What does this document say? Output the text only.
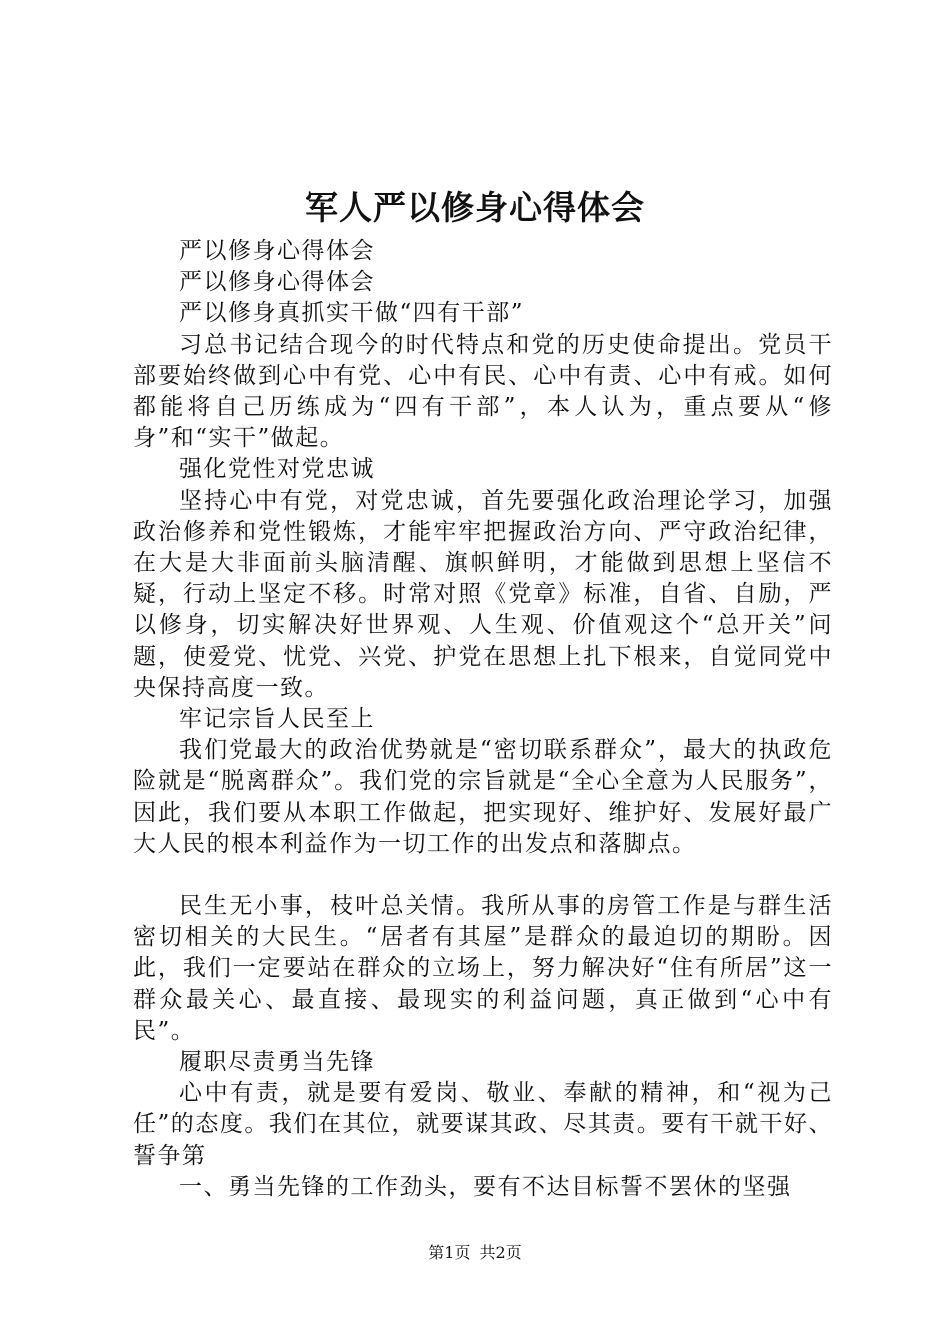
军人严以修身心得体会

严以修身心得体会

严以修身心得体会

严以修身真抓实干做“四有干部”

习总书记结合现今的时代特点和党的历史使命提出。党员干部要始终做到心中有党、心中有民、心中有责、心中有戒。如何都能将自己历练成为“四有干部”，本人认为，重点要从“修身”和“实干”做起。

强化党性对党忠诚

坚持心中有党，对党忠诚，首先要强化政治理论学习，加强政治修养和党性锻炼，才能牢牢把握政治方向、严守政治纪律，在大是大非面前头脑清醒、旗帜鲜明，才能做到思想上坚信不疑，行动上坚定不移。时常对照《党章》标准，自省、自励，严以修身，切实解决好世界观、人生观、价值观这个“总开关”问题，使爱党、忧党、兴党、护党在思想上扎下根来，自觉同党中央保持高度一致。

牢记宗旨人民至上

我们党最大的政治优势就是“密切联系群众”，最大的执政危险就是“脱离群众”。我们党的宗旨就是“全心全意为人民服务”，因此，我们要从本职工作做起，把实现好、维护好、发展好最广大人民的根本利益作为一切工作的出发点和落脚点。

民生无小事，枝叶总关情。我所从事的房管工作是与群生活密切相关的大民生。“居者有其屋”是群众的最迫切的期盼。因此，我们一定要站在群众的立场上，努力解决好“住有所居”这一群众最关心、最直接、最现实的利益问题，真正做到“心中有民”。

履职尽责勇当先锋

心中有责，就是要有爱岗、敬业、奉献的精神，和“视为己任”的态度。我们在其位，就要谋其政、尽其责。要有干就干好、誓争第

一、勇当先锋的工作劲头，要有不达目标誓不罢休的坚强

第1页 共2页
